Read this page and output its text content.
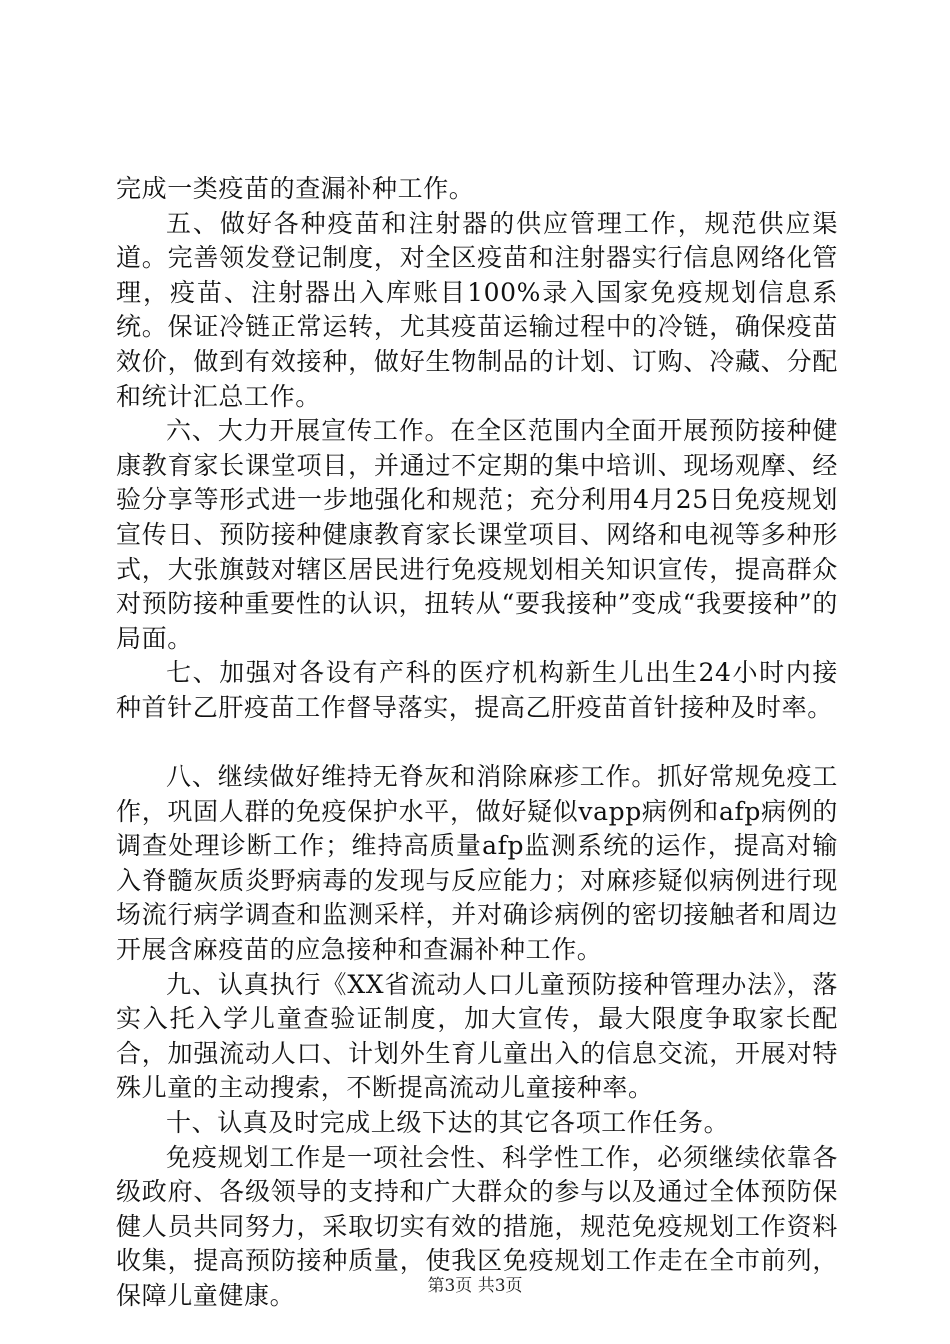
完成一类疫苗的查漏补种工作。

五、做好各种疫苗和注射器的供应管理工作，规范供应渠道。完善领发登记制度，对全区疫苗和注射器实行信息网络化管理，疫苗、注射器出入库账目100%录入国家免疫规划信息系统。保证冷链正常运转，尤其疫苗运输过程中的冷链，确保疫苗效价，做到有效接种，做好生物制品的计划、订购、冷藏、分配和统计汇总工作。

六、大力开展宣传工作。在全区范围内全面开展预防接种健康教育家长课堂项目，并通过不定期的集中培训、现场观摩、经验分享等形式进一步地强化和规范；充分利用4月25日免疫规划宣传日、预防接种健康教育家长课堂项目、网络和电视等多种形式，大张旗鼓对辖区居民进行免疫规划相关知识宣传，提高群众对预防接种重要性的认识，扭转从“要我接种”变成“我要接种”的局面。

七、加强对各设有产科的医疗机构新生儿出生24小时内接种首针乙肝疫苗工作督导落实，提高乙肝疫苗首针接种及时率。

八、继续做好维持无脊灰和消除麻疹工作。抓好常规免疫工作，巩固人群的免疫保护水平，做好疑似vapp病例和afp病例的调查处理诊断工作；维持高质量afp监测系统的运作，提高对输入脊髓灰质炎野病毒的发现与反应能力；对麻疹疑似病例进行现场流行病学调查和监测采样，并对确诊病例的密切接触者和周边开展含麻疫苗的应急接种和查漏补种工作。

九、认真执行《XX省流动人口儿童预防接种管理办法》，落实入托入学儿童查验证制度，加大宣传，最大限度争取家长配合，加强流动人口、计划外生育儿童出入的信息交流，开展对特殊儿童的主动搜索，不断提高流动儿童接种率。

十、认真及时完成上级下达的其它各项工作任务。

免疫规划工作是一项社会性、科学性工作，必须继续依靠各级政府、各级领导的支持和广大群众的参与以及通过全体预防保健人员共同努力，采取切实有效的措施，规范免疫规划工作资料收集，提高预防接种质量，使我区免疫规划工作走在全市前列，保障儿童健康。	第3页 共3页
